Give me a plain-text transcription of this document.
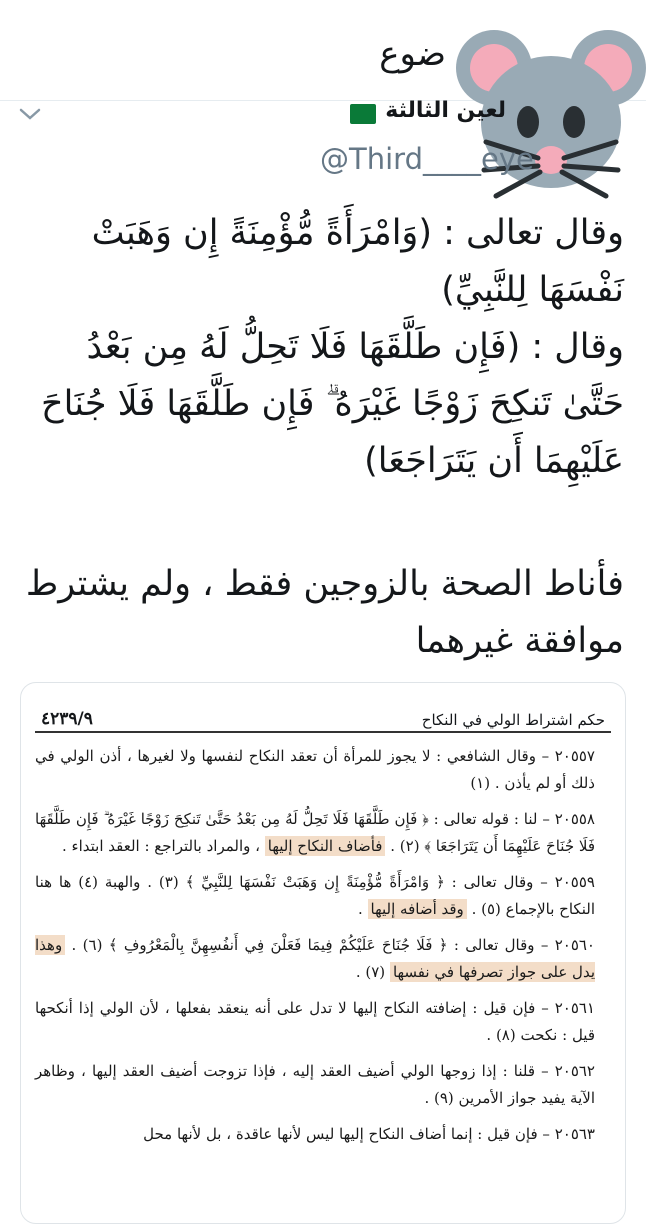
ضوع
لعين الثالثة
@Third____eye

وقال تعالى : (وَامْرَأَةً مُّؤْمِنَةً إِن وَهَبَتْ نَفْسَهَا لِلنَّبِيِّ)

وقال : (فَإِن طَلَّقَهَا فَلَا تَحِلُّ لَهُ مِن بَعْدُ حَتَّىٰ تَنكِحَ زَوْجًا غَيْرَهُ ۗ فَإِن طَلَّقَهَا فَلَا جُنَاحَ عَلَيْهِمَا أَن يَتَرَاجَعَا)

فأناط الصحة بالزوجين فقط ، ولم يشترط موافقة غيرهما

٤٢٣٩/٩	حكم اشتراط الولي في النكاح

٢٠٥٥٧ – وقال الشافعي : لا يجوز للمرأة أن تعقد النكاح لنفسها ولا لغيرها ، أذن الولي في ذلك أو لم يأذن . (١)

٢٠٥٥٨ – لنا : قوله تعالى : ﴿ فَإِن طَلَّقَهَا فَلَا تَحِلُّ لَهُ مِن بَعْدُ حَتَّىٰ تَنكِحَ زَوْجًا غَيْرَهُ ۗ فَإِن طَلَّقَهَا فَلَا جُنَاحَ عَلَيْهِمَا أَن يَتَرَاجَعَا ﴾ (٢) . فأضاف النكاح إليها ، والمراد بالتراجع : العقد ابتداء .

٢٠٥٥٩ – وقال تعالى : ﴿ وَامْرَأَةً مُّؤْمِنَةً إِن وَهَبَتْ نَفْسَهَا لِلنَّبِيِّ ﴾ (٣) . والهبة (٤) ها هنا النكاح بالإجماع (٥) . وقد أضافه إليها .

٢٠٥٦٠ – وقال تعالى : ﴿ فَلَا جُنَاحَ عَلَيْكُمْ فِيمَا فَعَلْنَ فِي أَنفُسِهِنَّ بِالْمَعْرُوفِ ﴾ (٦) . وهذا يدل على جواز تصرفها في نفسها (٧) .

٢٠٥٦١ – فإن قيل : إضافته النكاح إليها لا تدل على أنه ينعقد بفعلها ، لأن الولي إذا أنكحها قيل : نكحت (٨) .

٢٠٥٦٢ – قلنا : إذا زوجها الولي أضيف العقد إليه ، فإذا تزوجت أضيف العقد إليها ، وظاهر الآية يفيد جواز الأمرين (٩) .

٢٠٥٦٣ – فإن قيل : إنما أضاف النكاح إليها ليس لأنها عاقدة ، بل لأنها محل
